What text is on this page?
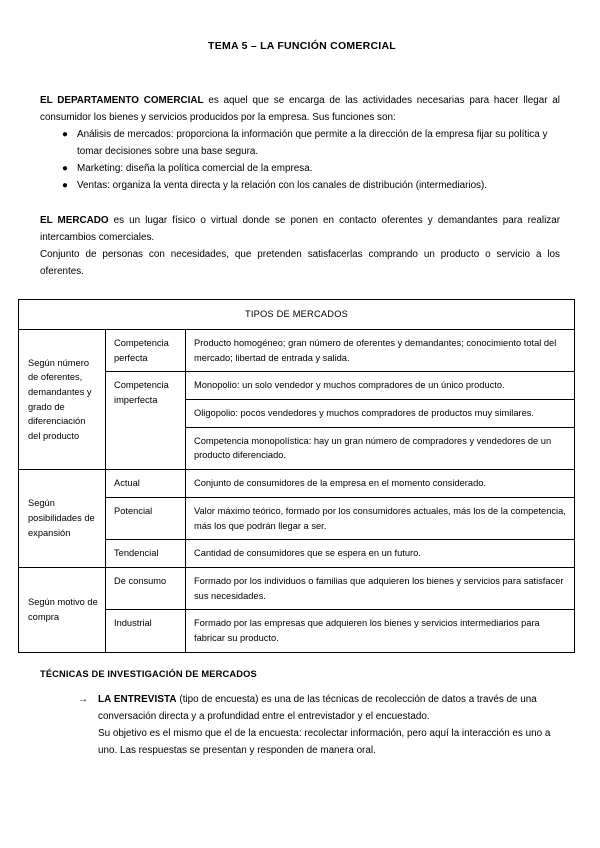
TEMA 5 – LA FUNCIÓN COMERCIAL

EL DEPARTAMENTO COMERCIAL es aquel que se encarga de las actividades necesarias para hacer llegar al consumidor los bienes y servicios producidos por la empresa. Sus funciones son:

● Análisis de mercados: proporciona la información que permite a la dirección de la empresa fijar su política y tomar decisiones sobre una base segura.
● Marketing: diseña la política comercial de la empresa.
● Ventas: organiza la venta directa y la relación con los canales de distribución (intermediarios).

EL MERCADO es un lugar físico o virtual donde se ponen en contacto oferentes y demandantes para realizar intercambios comerciales.

Conjunto de personas con necesidades, que pretenden satisfacerlas comprando un producto o servicio a los oferentes.

TIPOS DE MERCADOS		
Según número de oferentes, demandantes y grado de diferenciación del producto	Competencia perfecta	Producto homogéneo; gran número de oferentes y demandantes; conocimiento total del mercado; libertad de entrada y salida.
	Competencia imperfecta	Monopolio: un solo vendedor y muchos compradores de un único producto.
		Oligopolio: pocos vendedores y muchos compradores de productos muy similares.
		Competencia monopolística: hay un gran número de compradores y vendedores de un producto diferenciado.
Según posibilidades de expansión	Actual	Conjunto de consumidores de la empresa en el momento considerado.
	Potencial	Valor máximo teórico, formado por los consumidores actuales, más los de la competencia, más los que podrán llegar a ser.
	Tendencial	Cantidad de consumidores que se espera en un futuro.
Según motivo de compra	De consumo	Formado por los individuos o familias que adquieren los bienes y servicios para satisfacer sus necesidades.
	Industrial	Formado por las empresas que adquieren los bienes y servicios intermediarios para fabricar su producto.

TÉCNICAS DE INVESTIGACIÓN DE MERCADOS

→ LA ENTREVISTA (tipo de encuesta) es una de las técnicas de recolección de datos a través de una conversación directa y a profundidad entre el entrevistador y el encuestado.
Su objetivo es el mismo que el de la encuesta: recolectar información, pero aquí la interacción es uno a uno. Las respuestas se presentan y responden de manera oral.
